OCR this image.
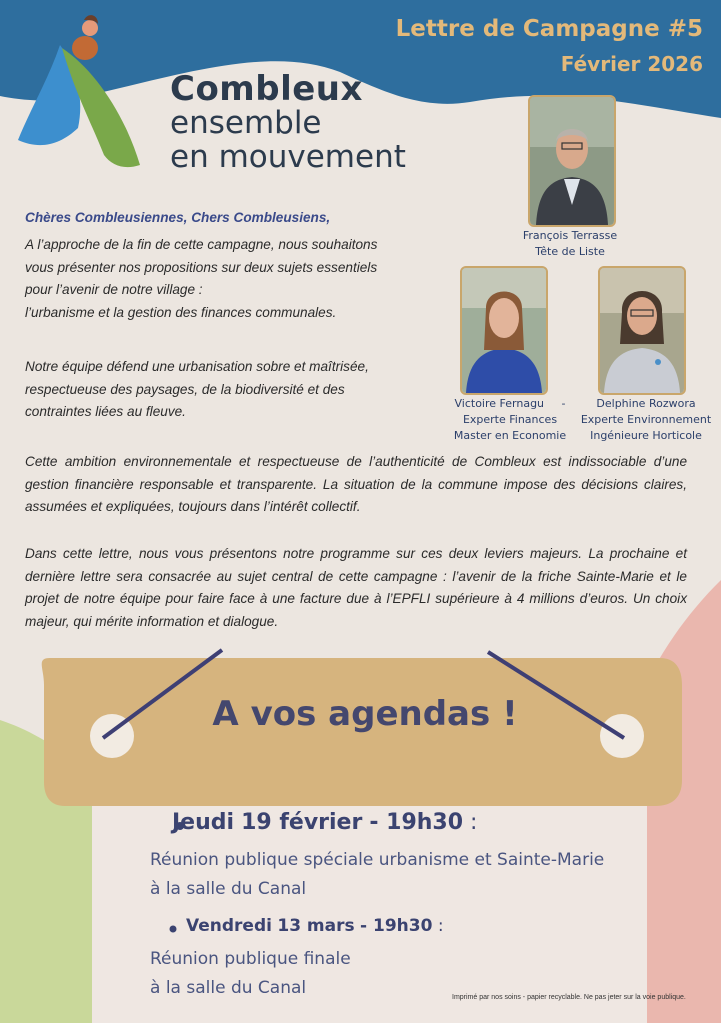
Lettre de Campagne #5
Février 2026
Combleux
ensemble
en mouvement
François Terrasse
Tête de Liste
Victoire Fernagu -
Experte Finances
Master en Economie
Delphine Rozwora
Experte Environnement
Ingénieure Horticole
Chères Combleusiennes, Chers Combleusiens,
A l’approche de la fin de cette campagne, nous souhaitons
vous présenter nos propositions sur deux sujets essentiels
pour l’avenir de notre village :
l’urbanisme et la gestion des finances communales.
Notre équipe défend une urbanisation sobre et maîtrisée,
respectueuse des paysages, de la biodiversité et des
contraintes liées au fleuve.
Cette ambition environnementale et respectueuse de l’authenticité de Combleux est indissociable d’une gestion financière responsable et transparente. La situation de la commune impose des décisions claires, assumées et expliquées, toujours dans l’intérêt collectif.
Dans cette lettre, nous vous présentons notre programme sur ces deux leviers majeurs. La prochaine et dernière lettre sera consacrée au sujet central de cette campagne : l’avenir de la friche Sainte-Marie et le projet de notre équipe pour faire face à une facture due à l’EPFLI supérieure à 4 millions d’euros. Un choix majeur, qui mérite information et dialogue.
A vos agendas !
Jeudi 19 février - 19h30 :
Réunion publique spéciale urbanisme et Sainte-Marie
à la salle du Canal
Vendredi 13 mars - 19h30 :
Réunion publique finale
à la salle du Canal	Imprimé par nos soins - papier recyclable. Ne pas jeter sur la voie publique.
